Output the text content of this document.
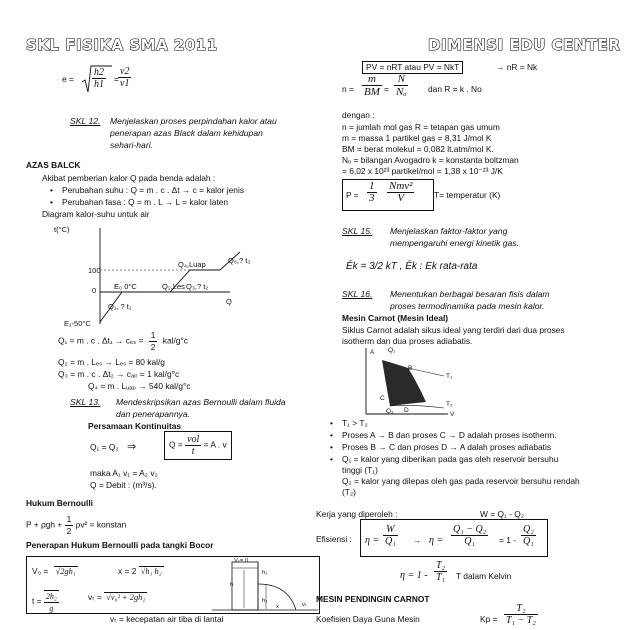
SKL FISIKA SMA 2011	DIMENSI EDU CENTER
$e = \frac{h2}{h1} = \frac{v2}{v1}$
SKL 12. Menjelaskan proses perpindahan kalor atau
penerapan azas Black dalam kehidupan
sehari-hari.
AZAS BALCK
Akibat pemberian kalor Q pada benda adalah :
• Perubahan suhu : Q = m . c . Δt → c = kalor jenis
• Perubahan fasa : Q = m . L → L = kalor laten
Diagram kalor-suhu untuk air
t(°C)
100
0 E₀ 0°C	Q₂,Les Q₃,? t₂
Q₄,Luap	Q₅,? t₃
Q₁, ? t₁
Q
E₁-50°C
Q₁ = m . c . $\Delta t_1 \to c_{es} = \frac{1}{2} kal/g^\circ c$
Q₂ = m . Lₑₛ → Lₑₛ = 80 kal/g
Q₃ = m . c . Δt₂ → cₐᵢᵣ = 1 kal/g°c
Q₄ = m . Lᵤₐₚ → 540 kal/g°c
SKL 13. Mendeskripsikan azas Bernoulli dalam fluida
dan penerapannya.
Persamaan Kontinuitas
Q₁ = Q₂ ⇒	$Q = \frac{\text{vol}}{t} = A$ . v
maka A₁ v₁ = A₂ v₂
Q = Debit : (m³/s).
Hukum Bernoulli
$P + \rho gh + \frac{1}{2} \rho v^2$ = konstan
Penerapan Hukum Bernoulli pada tangki Bocor
V₀ = √2gh₁	x = 2 √h₁ h₂
$t = \frac{\text{2h₂}}{g}$	vₜ = √v₀² + 2gh₂
V₁= 0
h
h₁
h₂
x	vₜ
vₜ = kecepatan air tiba di lantai
PV = nRT atau PV = NkT	→ nR = Nk
$n = \frac{m}{BM} = \frac{N}{\text{Nₒ}}$ dan R = k . No
dengan :
n = jumlah mol gas R = tetapan gas umum
m = massa 1 partikel gas = 8,31 J/mol K
BM = berat molekul = 0,082 lt.atm/mol K.
Nₒ = bilangan Avogadro k = konstanta boltzman
= 6,02 x 10²³ partikel/mol = 1,38 x 10⁻²³ J/K
$P = \frac{1}{3} Nmv^2$
V	T= temperatur (K)
SKL 15. Menjelaskan faktor-faktor yang
mempengaruhi energi kinetik gas.
Ēk = 3/2 kT , Ēk : Ek rata-rata
SKL 16. Menentukan berbagai besaran fisis dalam
proses termodinamika pada mesin kalor.
Mesin Carnot (Mesin Ideal)
Siklus Carnot adalah sikus ideal yang terdiri dari dua proses
isotherm dan dua proses adiabatis.
A Q₁
B
T₁
C
D
Q₂
T₂
V
• T₁ > T₂
• Proses A → B dan proses C → D adalah proses isotherm.
• Proses B → C dan proses D → A dalah proses adiabatis
• Q₁ = kalor yang diberikan pada gas oleh reservoir bersuhu
tinggi (T₁)
Q₂ = kalor yang dilepas oleh gas pada reservoir bersuhu rendah
(T₂)
Kerja yang diperoleh :	W = Q₁ - Q₂
Efisiensi : $\eta = \frac{W}{\text{Q₁}} \to \eta = \frac{\text{Q₁ − Q₂}}{\text{Q₁}} = 1 - \frac{\text{Q₂}}{\text{Q₁}}$
$\eta = 1 - \frac{\text{T₂}}{\text{T₁}}$ T dalam Kelvin
MESIN PENDINGIN CARNOT
Koefisien Daya Guna Mesin	$Kp = \frac{\text{T₂}}{\text{T₁ − T₂}}$
